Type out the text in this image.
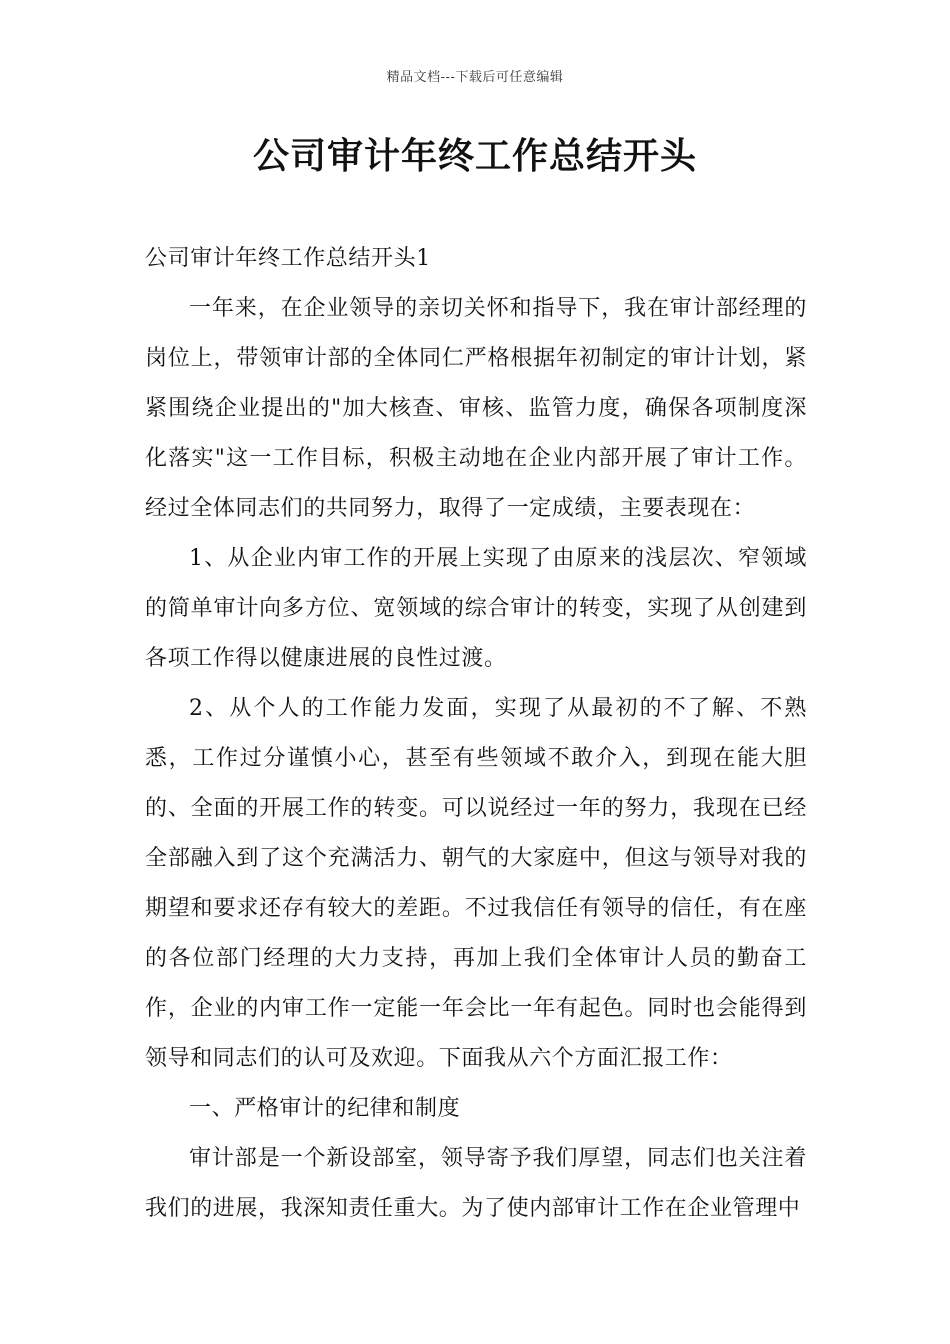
精品文档---下载后可任意编辑
公司审计年终工作总结开头

公司审计年终工作总结开头1

一年来，在企业领导的亲切关怀和指导下，我在审计部经理的岗位上，带领审计部的全体同仁严格根据年初制定的审计计划，紧紧围绕企业提出的"加大核查、审核、监管力度，确保各项制度深化落实"这一工作目标，积极主动地在企业内部开展了审计工作。经过全体同志们的共同努力，取得了一定成绩，主要表现在：

1、从企业内审工作的开展上实现了由原来的浅层次、窄领域的简单审计向多方位、宽领域的综合审计的转变，实现了从创建到各项工作得以健康进展的良性过渡。

2、从个人的工作能力发面，实现了从最初的不了解、不熟悉，工作过分谨慎小心，甚至有些领域不敢介入，到现在能大胆的、全面的开展工作的转变。可以说经过一年的努力，我现在已经全部融入到了这个充满活力、朝气的大家庭中，但这与领导对我的期望和要求还存有较大的差距。不过我信任有领导的信任，有在座的各位部门经理的大力支持，再加上我们全体审计人员的勤奋工作，企业的内审工作一定能一年会比一年有起色。同时也会能得到领导和同志们的认可及欢迎。下面我从六个方面汇报工作：

一、严格审计的纪律和制度

审计部是一个新设部室，领导寄予我们厚望，同志们也关注着我们的进展，我深知责任重大。为了使内部审计工作在企业管理中
